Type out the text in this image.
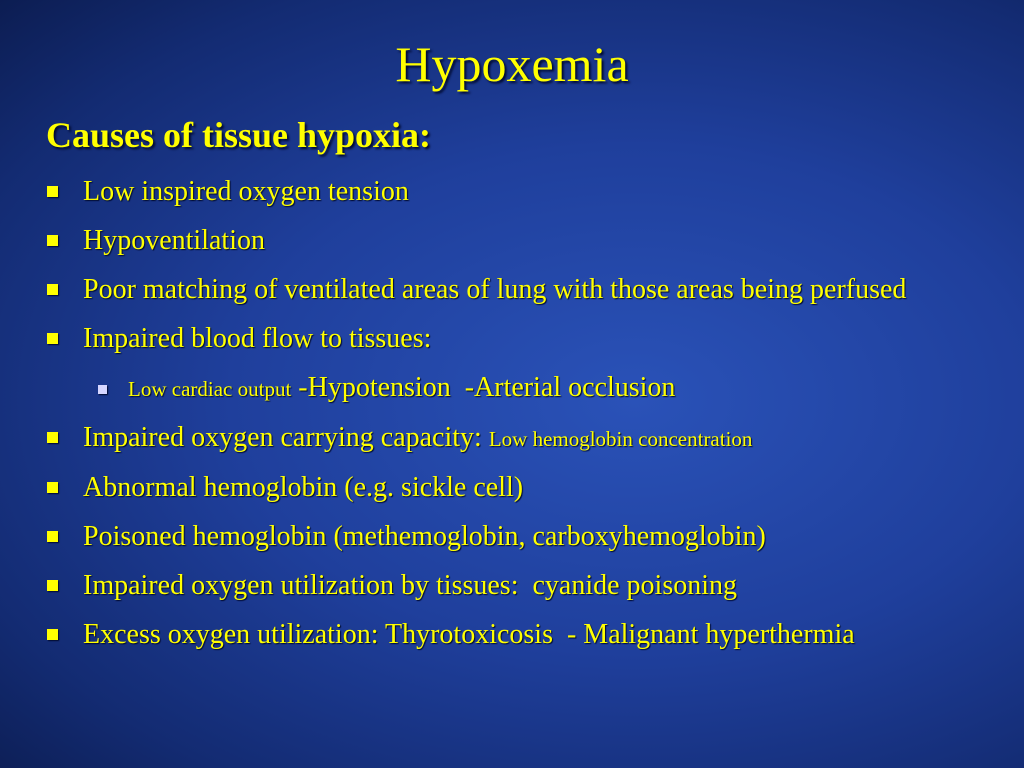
Hypoxemia
Causes of tissue hypoxia:
Low inspired oxygen tension
Hypoventilation
Poor matching of ventilated areas of lung with those areas being perfused
Impaired blood flow to tissues:
Low cardiac output -Hypotension  -Arterial occlusion
Impaired oxygen carrying capacity: Low hemoglobin concentration
Abnormal hemoglobin (e.g. sickle cell)
Poisoned hemoglobin (methemoglobin, carboxyhemoglobin)
Impaired oxygen utilization by tissues:  cyanide poisoning
Excess oxygen utilization: Thyrotoxicosis  - Malignant hyperthermia
